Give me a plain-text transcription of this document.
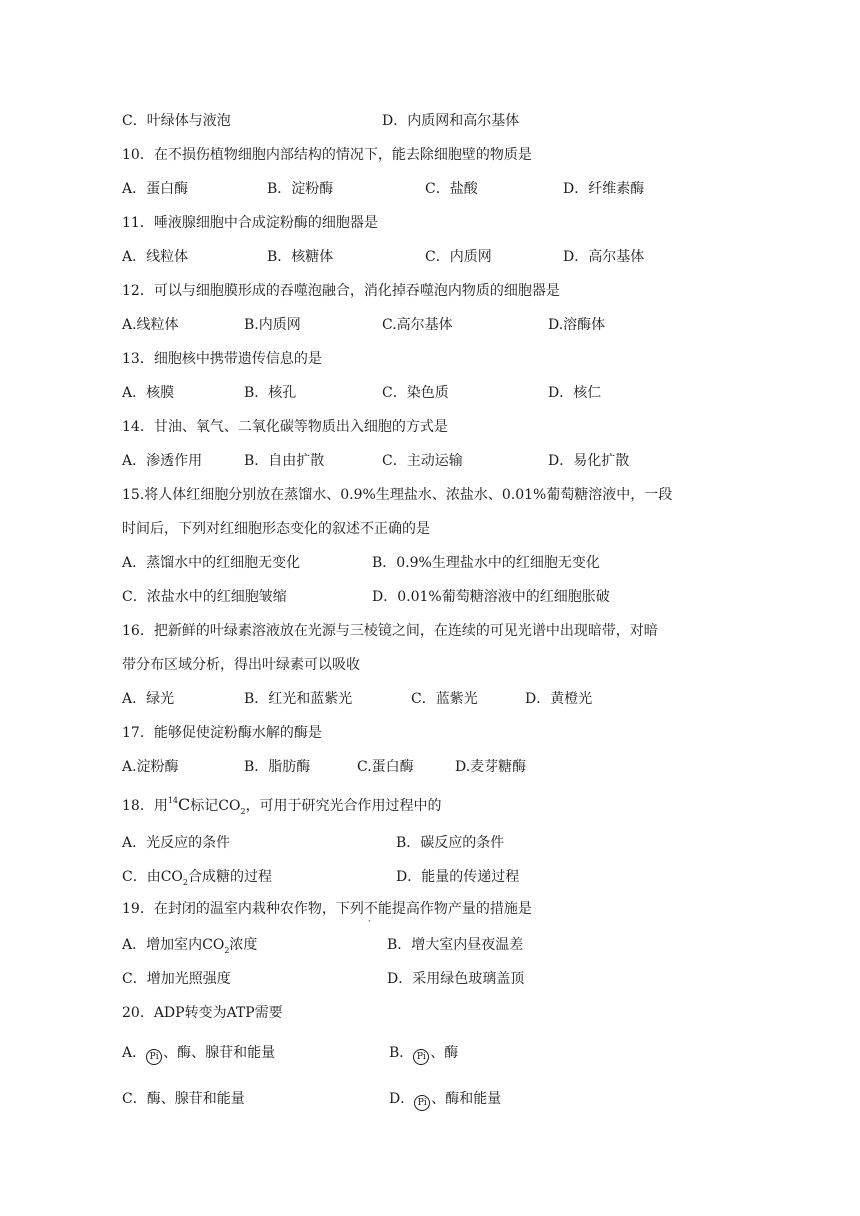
C．叶绿体与液泡	D．内质网和高尔基体
10．在不损伤植物细胞内部结构的情况下，能去除细胞壁的物质是
A．蛋白酶	B．淀粉酶	C．盐酸	D．纤维素酶
11．唾液腺细胞中合成淀粉酶的细胞器是
A．线粒体	B．核糖体	C．内质网	D．高尔基体
12．可以与细胞膜形成的吞噬泡融合，消化掉吞噬泡内物质的细胞器是
A.线粒体	B.内质网	C.高尔基体	D.溶酶体
13．细胞核中携带遗传信息的是
A．核膜	B．核孔	C．染色质	D．核仁
14．甘油、氧气、二氧化碳等物质出入细胞的方式是
A．渗透作用	B．自由扩散	C．主动运输	D．易化扩散
15.将人体红细胞分别放在蒸馏水、0.9%生理盐水、浓盐水、0.01%葡萄糖溶液中，一段
时间后，下列对红细胞形态变化的叙述不正确的是
A．蒸馏水中的红细胞无变化	B．0.9%生理盐水中的红细胞无变化
C．浓盐水中的红细胞皱缩	D．0.01%葡萄糖溶液中的红细胞胀破
16．把新鲜的叶绿素溶液放在光源与三棱镜之间，在连续的可见光谱中出现暗带，对暗
带分布区域分析，得出叶绿素可以吸收
A．绿光	B．红光和蓝紫光	C．蓝紫光	D．黄橙光
17．能够促使淀粉酶水解的酶是
A.淀粉酶	B．脂肪酶	C.蛋白酶	D.麦芽糖酶
18．用$^{14}$C标记$CO_2$，可用于研究光合作用过程中的
A．光反应的条件	B．碳反应的条件
C．由$CO_2$合成糖的过程	D．能量的传递过程
19．在封闭的温室内栽种农作物，下列不
·
能提高作物产量的措施是
A．增加室内$CO_2$浓度	B．增大室内昼夜温差
C．增加光照强度	D．采用绿色玻璃盖顶
20．ADP转变为ATP需要
A． Pi 、酶、腺苷和能量	B． Pi 、酶
C．酶、腺苷和能量	D． Pi 、酶和能量
